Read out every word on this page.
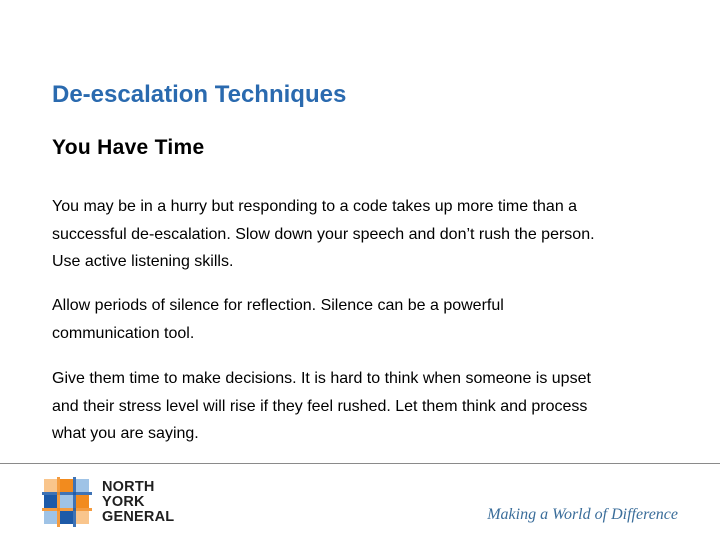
De-escalation Techniques
You Have Time

You may be in a hurry but responding to a code takes up more time than a
successful de-escalation. Slow down your speech and don’t rush the person.
Use active listening skills.

Allow periods of silence for reflection. Silence can be a powerful
communication tool.

Give them time to make decisions. It is hard to think when someone is upset
and their stress level will rise if they feel rushed. Let them think and process
what you are saying.

NORTH
YORK
GENERAL	Making a World of Difference
